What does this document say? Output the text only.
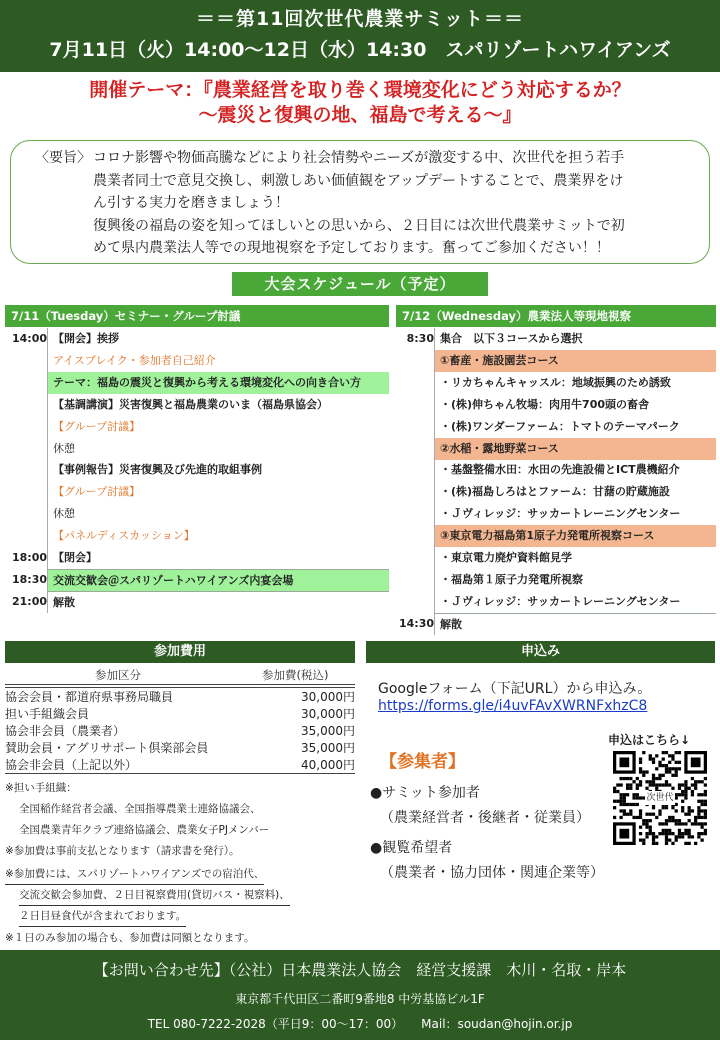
＝＝第11回次世代農業サミット＝＝
7月11日（火）14:00～12日（水）14:30　スパリゾートハワイアンズ
開催テーマ：『農業経営を取り巻く環境変化にどう対応するか？
～震災と復興の地、福島で考える～』
〈要旨〉 コロナ影響や物価高騰などにより社会情勢やニーズが激変する中、次世代を担う若手
農業者同士で意見交換し、刺激しあい価値観をアップデートすることで、農業界をけ
ん引する実力を磨きましょう！
復興後の福島の姿を知ってほしいとの思いから、２日目には次世代農業サミットで初
めて県内農業法人等での現地視察を予定しております。奮ってご参加ください！！
大会スケジュール（予定）
7/11（Tuesday）セミナー・グループ討議	7/12（Wednesday）農業法人等現地視察
14:00 【開会】挨拶
アイスブレイク・参加者自己紹介
テーマ：福島の震災と復興から考える環境変化への向き合い方
【基調講演】災害復興と福島農業のいま（福島県協会）
【グループ討議】
休憩
【事例報告】災害復興及び先進的取組事例
【グループ討議】
休憩
【パネルディスカッション】
18:00 【閉会】
18:30 交流交歓会＠スパリゾートハワイアンズ内宴会場
21:00 解散
8:30 集合　以下３コースから選択
①畜産・施設園芸コース
・リカちゃんキャッスル：地域振興のため誘致
・(株)伸ちゃん牧場：肉用牛700頭の畜舎
・(株)ワンダーファーム：トマトのテーマパーク
②水稲・露地野菜コース
・基盤整備水田：水田の先進設備とICT農機紹介
・(株)福島しろはとファーム：甘藷の貯蔵施設
・Ｊヴィレッジ：サッカートレーニングセンター
③東京電力福島第1原子力発電所視察コース
・東京電力廃炉資料館見学
・福島第１原子力発電所視察
・Ｊヴィレッジ：サッカートレーニングセンター
14:30 解散
参加費用
参加区分	参加費(税込)
協会会員・都道府県事務局職員	30,000円
担い手組織会員	30,000円
協会非会員（農業者）	35,000円
賛助会員・アグリサポート倶楽部会員	35,000円
協会非会員（上記以外）	40,000円
※担い手組織：
全国稲作経営者会議、全国指導農業士連絡協議会、
全国農業青年クラブ連絡協議会、農業女子PJメンバー
※参加費は事前支払となります（請求書を発行）。
※参加費には、スパリゾートハワイアンズでの宿泊代、
交流交歓会参加費、２日目視察費用(貸切バス・視察料)、
２日目昼食代が含まれております。
※１日のみ参加の場合も、参加費は同額となります。
申込み
Googleフォーム（下記URL）から申込み。
https://forms.gle/i4uvFAvXWRNFxhzC8
申込はこちら↓
次世代
【参集者】
●サミット参加者
（農業経営者・後継者・従業員）
●観覧希望者
（農業者・協力団体・関連企業等）
【お問い合わせ先】（公社）日本農業法人協会　経営支援課　木川・名取・岸本
東京都千代田区二番町9番地8 中労基協ビル1F
TEL 080-7222-2028（平日9：00～17：00）　　Mail：soudan@hojin.or.jp
